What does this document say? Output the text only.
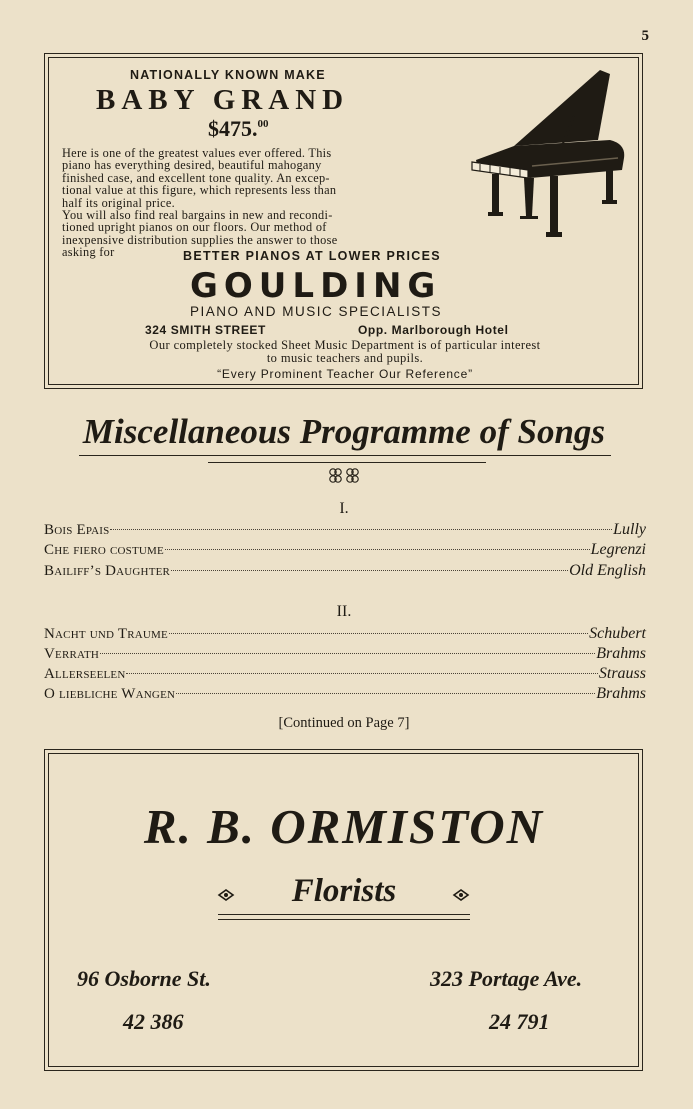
5
NATIONALLY KNOWN MAKE
BABY GRAND
$475.00

Here is one of the greatest values ever offered. This

piano has everything desired, beautiful mahogany

finished case, and excellent tone quality. An excep-

tional value at this figure, which represents less than

half its original price.

You will also find real bargains in new and recondi-

tioned upright pianos on our floors. Our method of

inexpensive distribution supplies the answer to those

asking for	BETTER PIANOS AT LOWER PRICES
GOULDING
PIANO AND MUSIC SPECIALISTS
324 SMITH STREET	Opp. Marlborough Hotel
Our completely stocked Sheet Music Department is of particular interest
to music teachers and pupils.
“Every Prominent Teacher Our Reference”
Miscellaneous Programme of Songs
I.
Bois Epais	Lully
Che fiero costume	Legrenzi
Bailiff’s Daughter	Old English
II.
Nacht und Traume	Schubert
Verrath	Brahms
Allerseelen	Strauss
O liebliche Wangen	Brahms
[Continued on Page 7]
R. B. ORMISTON
Florists
96 Osborne St.
42 386
323 Portage Ave.
24 791
